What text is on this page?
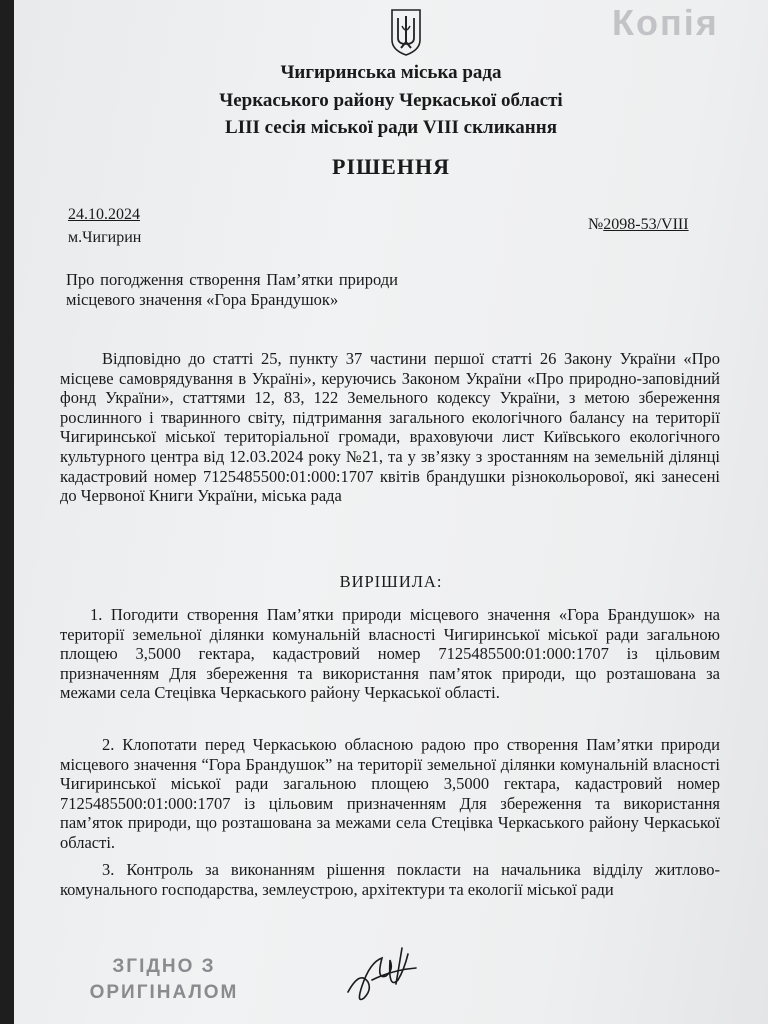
Копія
Чигиринська міська рада
Черкаського району Черкаської області
LIII сесія міської ради VIII скликання
РІШЕННЯ
24.10.2024
м.Чигирин
№2098-53/VIII
Про погодження створення Пам’ятки природи місцевого значення «Гора Брандушок»
Відповідно до статті 25, пункту 37 частини першої статті 26 Закону України «Про місцеве самоврядування в Україні», керуючись Законом України «Про природно-заповідний фонд України», статтями 12, 83, 122 Земельного кодексу України, з метою збереження рослинного і тваринного світу, підтримання загального екологічного балансу на території Чигиринської міської територіальної громади, враховуючи лист Київського екологічного культурного центра від 12.03.2024 року №21, та у зв’язку з зростанням на земельній ділянці кадастровий номер 7125485500:01:000:1707 квітів брандушки різнокольорової, які занесені до Червоної Книги України, міська рада
ВИРІШИЛА:
1. Погодити створення Пам’ятки природи місцевого значення «Гора Брандушок» на території земельної ділянки комунальній власності Чигиринської міської ради загальною площею 3,5000 гектара, кадастровий номер 7125485500:01:000:1707 із цільовим призначенням Для збереження та використання пам’яток природи, що розташована за межами села Стецівка Черкаського району Черкаської області.
2. Клопотати перед Черкаською обласною радою про створення Пам’ятки природи місцевого значення “Гора Брандушок” на території земельної ділянки комунальній власності Чигиринської міської ради загальною площею 3,5000 гектара, кадастровий номер 7125485500:01:000:1707 із цільовим призначенням Для збереження та використання пам’яток природи, що розташована за межами села Стецівка Черкаського району Черкаської області.
3. Контроль за виконанням рішення покласти на начальника відділу житлово-комунального господарства, землеустрою, архітектури та екології міської ради
ЗГІДНО З
ОРИГІНАЛОМ
